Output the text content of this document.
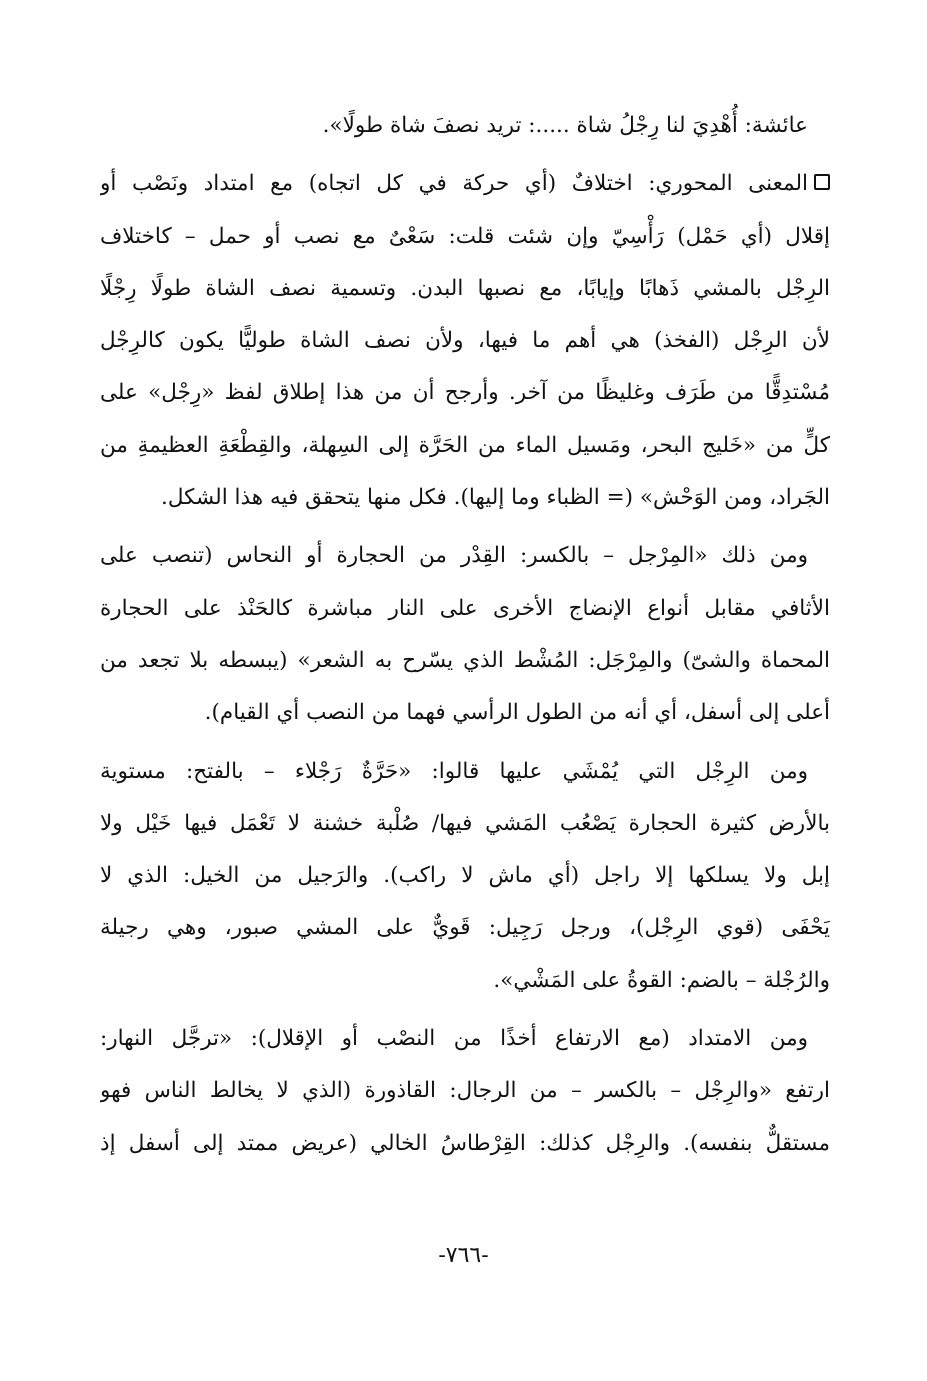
عائشة: أُهْدِيَ لنا رِجْلُ شاة .....: تريد نصفَ شاة طولًا».
المعنى المحوري: اختلافٌ (أي حركة في كل اتجاه) مع امتداد ونَصْب أو
إقلال (أي حَمْل) رَأْسِيّ وإن شئت قلت: سَعْىٌ مع نصب أو حمل – كاختلاف
الرِجْل بالمشي ذَهابًا وإيابًا، مع نصبها البدن. وتسمية نصف الشاة طولًا رِجْلًا
لأن الرِجْل (الفخذ) هي أهم ما فيها، ولأن نصف الشاة طوليًّا يكون كالرِجْل
مُسْتدِقًّا من طَرَف وغليظًا من آخر. وأرجح أن من هذا إطلاق لفظ «رِجْل» على
كلٍّ من «خَليج البحر، ومَسيل الماء من الحَرَّة إلى السِهلة، والقِطْعَةِ العظيمةِ من
الجَراد، ومن الوَحْش» (= الظباء وما إليها). فكل منها يتحقق فيه هذا الشكل.
ومن ذلك «المِرْجل – بالكسر: القِدْر من الحجارة أو النحاس (تنصب على
الأثافي مقابل أنواع الإنضاج الأخرى على النار مباشرة كالحَنْذ على الحجارة
المحماة والشىّ) والمِرْجَل: المُشْط الذي يسّرح به الشعر» (يبسطه بلا تجعد من
أعلى إلى أسفل، أي أنه من الطول الرأسي فهما من النصب أي القيام).
ومن الرِجْل التي يُمْشَي عليها قالوا: «حَرَّةٌ رَجْلاء – بالفتح: مستوية
بالأرض كثيرة الحجارة يَصْعُب المَشي فيها/ صُلْبة خشنة لا تَعْمَل فيها خَيْل ولا
إبل ولا يسلكها إلا راجل (أي ماش لا راكب). والرَجيل من الخيل: الذي لا
يَحْفَى (قوي الرِجْل)، ورجل رَجِيل: قَويٌّ على المشي صبور، وهي رجيلة
والرُجْلة – بالضم: القوةُ على المَشْي».
ومن الامتداد (مع الارتفاع أخذًا من النصْب أو الإقلال): «ترجَّل النهار:
ارتفع «والرِجْل – بالكسر – من الرجال: القاذورة (الذي لا يخالط الناس فهو
مستقلٌّ بنفسه). والرِجْل كذلك: القِرْطاسُ الخالي (عريض ممتد إلى أسفل إذ
-٧٦٦-
